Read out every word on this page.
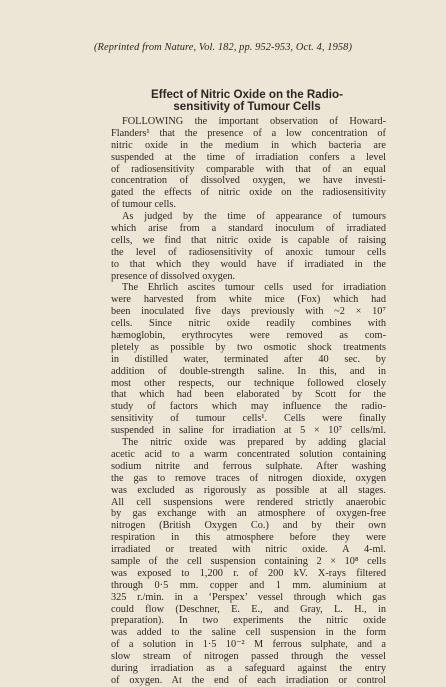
(Reprinted from Nature, Vol. 182, pp. 952-953, Oct. 4, 1958)
Effect of Nitric Oxide on the Radio-
sensitivity of Tumour Cells
FOLLOWING the important observation of Howard-
Flanders¹ that the presence of a low concentration of
nitric oxide in the medium in which bacteria are
suspended at the time of irradiation confers a level
of radiosensitivity comparable with that of an equal
concentration of dissolved oxygen, we have investi-
gated the effects of nitric oxide on the radiosensitivity
of tumour cells.
As judged by the time of appearance of tumours
which arise from a standard inoculum of irradiated
cells, we find that nitric oxide is capable of raising
the level of radiosensitivity of anoxic tumour cells
to that which they would have if irradiated in the
presence of dissolved oxygen.
The Ehrlich ascites tumour cells used for irradiation
were harvested from white mice (Fox) which had
been inoculated five days previously with ~2 × 10⁷
cells. Since nitric oxide readily combines with
hæmoglobin, erythrocytes were removed as com-
pletely as possible by two osmotic shock treatments
in distilled water, terminated after 40 sec. by
addition of double-strength saline. In this, and in
most other respects, our technique followed closely
that which had been elaborated by Scott for the
study of factors which may influence the radio-
sensitivity of tumour cells¹. Cells were finally
suspended in saline for irradiation at 5 × 10⁷ cells/ml.
The nitric oxide was prepared by adding glacial
acetic acid to a warm concentrated solution containing
sodium nitrite and ferrous sulphate. After washing
the gas to remove traces of nitrogen dioxide, oxygen
was excluded as rigorously as possible at all stages.
All cell suspensions were rendered strictly anaerobic
by gas exchange with an atmosphere of oxygen-free
nitrogen (British Oxygen Co.) and by their own
respiration in this atmosphere before they were
irradiated or treated with nitric oxide. A 4-ml.
sample of the cell suspension containing 2 × 10⁸ cells
was exposed to 1,200 r. of 200 kV. X-rays filtered
through 0·5 mm. copper and 1 mm. aluminium at
325 r./min. in a ‘Perspex’ vessel through which gas
could flow (Deschner, E. E., and Gray, L. H., in
preparation). In two experiments the nitric oxide
was added to the saline cell suspension in the form
of a solution in 1·5 10⁻² M ferrous sulphate, and a
slow stream of nitrogen passed through the vessel
during irradiation as a safeguard against the entry
of oxygen. At the end of each irradiation or control
